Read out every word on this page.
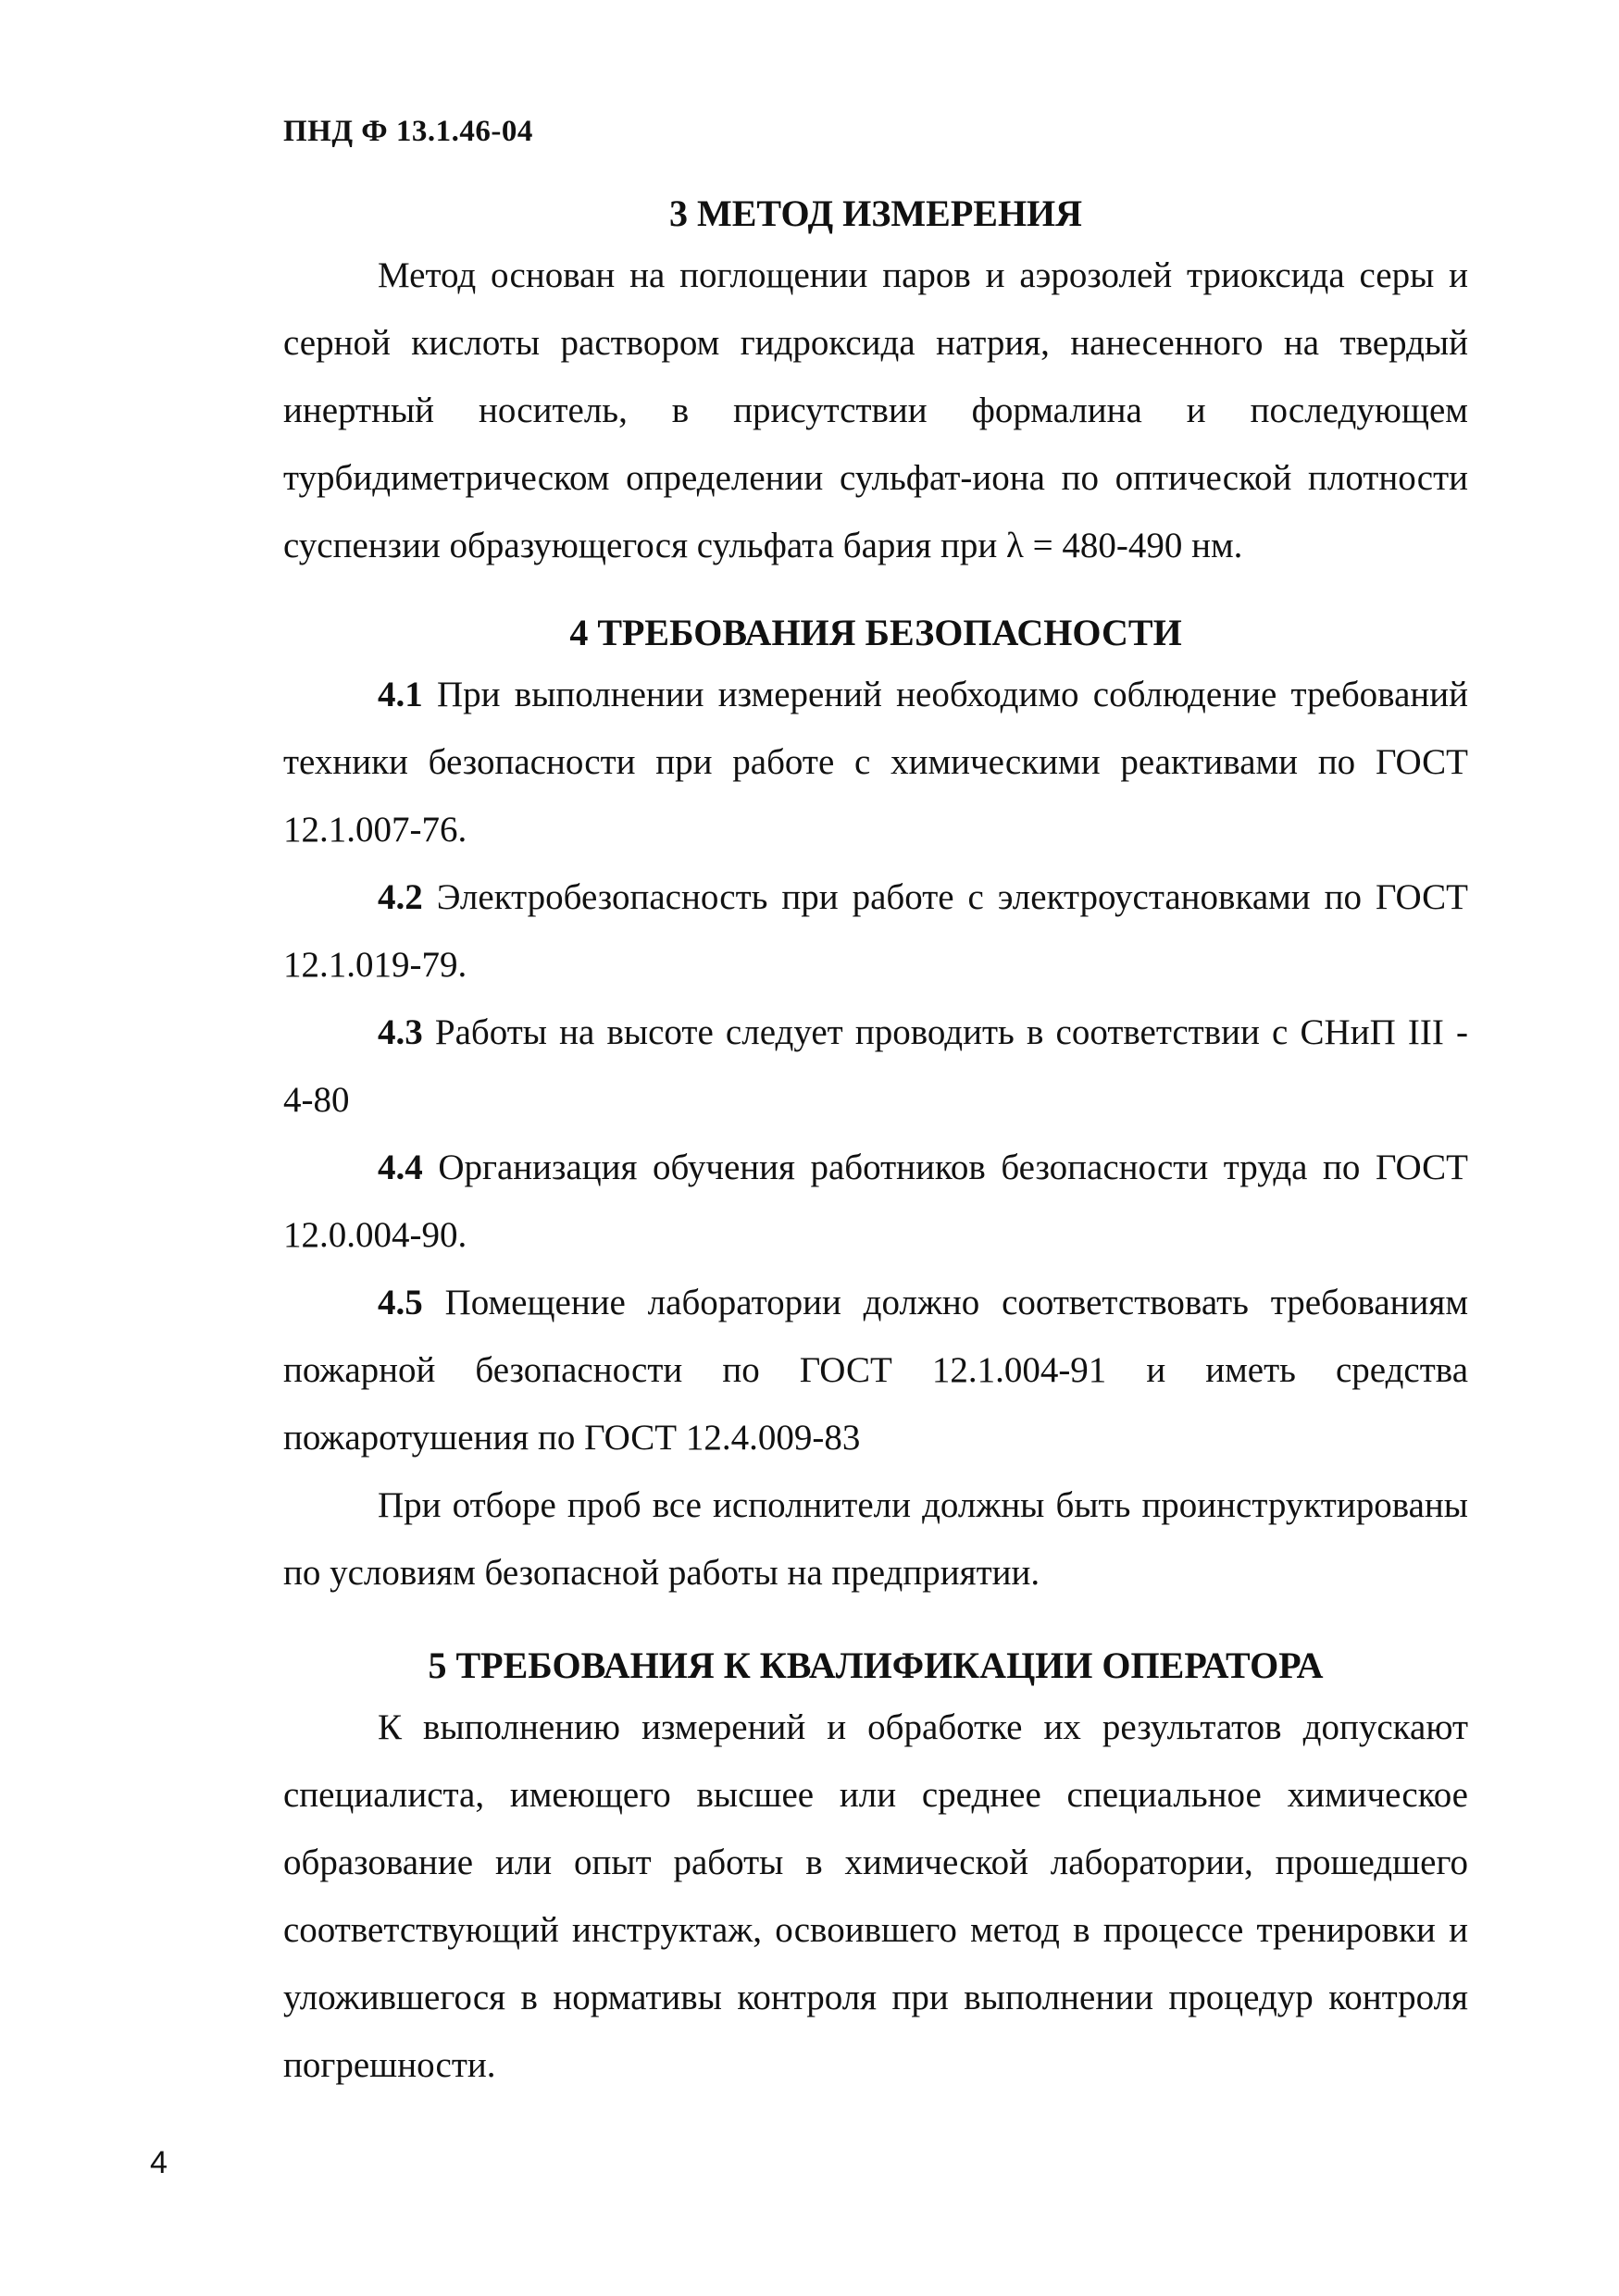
ПНД Ф 13.1.46-04
3 МЕТОД ИЗМЕРЕНИЯ

Метод основан на поглощении паров и аэрозолей триоксида серы и серной кислоты раствором гидроксида натрия, нанесенного на твердый инертный носитель, в присутствии формалина и последующем турбидиметрическом определении сульфат-иона по оптической плотности суспензии образующегося сульфата бария при λ = 480-490 нм.

4 ТРЕБОВАНИЯ БЕЗОПАСНОСТИ

4.1 При выполнении измерений необходимо соблюдение требований техники безопасности при работе с химическими реактивами по ГОСТ 12.1.007-76.

4.2 Электробезопасность при работе с электроустановками по ГОСТ 12.1.019-79.

4.3 Работы на высоте следует проводить в соответствии с СНиП III - 4-80

4.4 Организация обучения работников безопасности труда по ГОСТ 12.0.004-90.

4.5 Помещение лаборатории должно соответствовать требованиям пожарной безопасности по ГОСТ 12.1.004-91 и иметь средства пожаротушения по ГОСТ 12.4.009-83

При отборе проб все исполнители должны быть проинструктированы по условиям безопасной работы на предприятии.

5 ТРЕБОВАНИЯ К КВАЛИФИКАЦИИ ОПЕРАТОРА

К выполнению измерений и обработке их результатов допускают специалиста, имеющего высшее или среднее специальное химическое образование или опыт работы в химической лаборатории, прошедшего соответствующий инструктаж, освоившего метод в процессе тренировки и уложившегося в нормативы контроля при выполнении процедур контроля погрешности.

4
